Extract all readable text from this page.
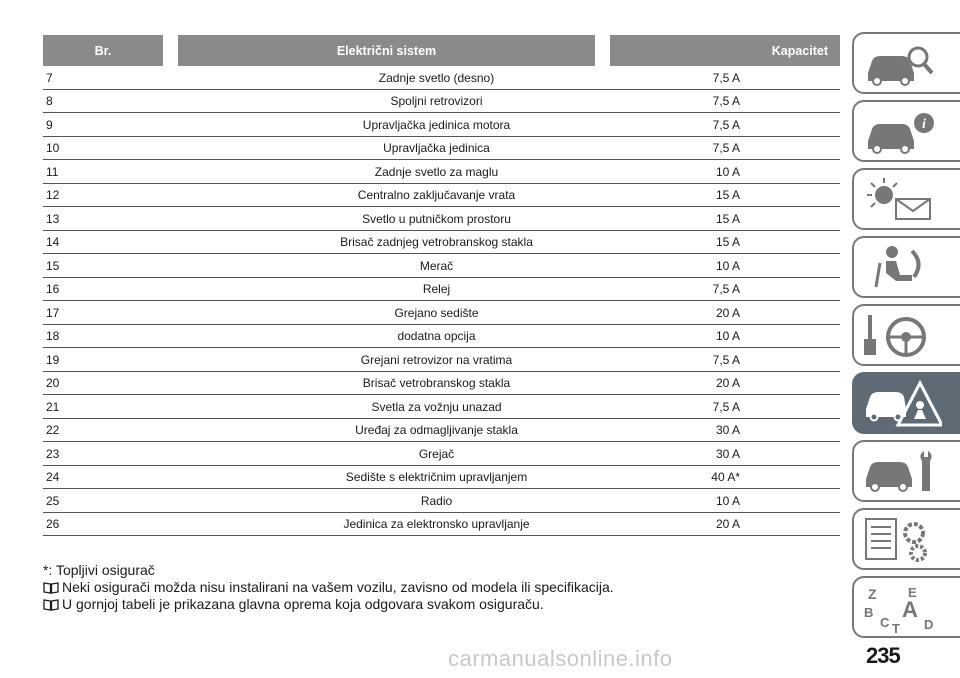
Br.	Električni sistem	Kapacitet
7	Zadnje svetlo (desno)	7,5 A
8	Spoljni retrovizori	7,5 A
9	Upravljačka jedinica motora	7,5 A
10	Upravljačka jedinica	7,5 A
11	Zadnje svetlo za maglu	10 A
12	Centralno zaključavanje vrata	15 A
13	Svetlo u putničkom prostoru	15 A
14	Brisač zadnjeg vetrobranskog stakla	15 A
15	Merač	10 A
16	Relej	7,5 A
17	Grejano sedište	20 A
18	dodatna opcija	10 A
19	Grejani retrovizor na vratima	7,5 A
20	Brisač vetrobranskog stakla	20 A
21	Svetla za vožnju unazad	7,5 A
22	Uređaj za odmagljivanje stakla	30 A
23	Grejač	30 A
24	Sedište s električnim upravljanjem	40 A*
25	Radio	10 A
26	Jedinica za elektronsko upravljanje	20 A
*: Topljivi osigurač
Neki osigurači možda nisu instalirani na vašem vozilu, zavisno od modela ili specifikacija.
U gornjoj tabeli je prikazana glavna oprema koja odgovara svakom osiguraču.
i
Z E
B A
C T D
carmanualsonline.info	235
